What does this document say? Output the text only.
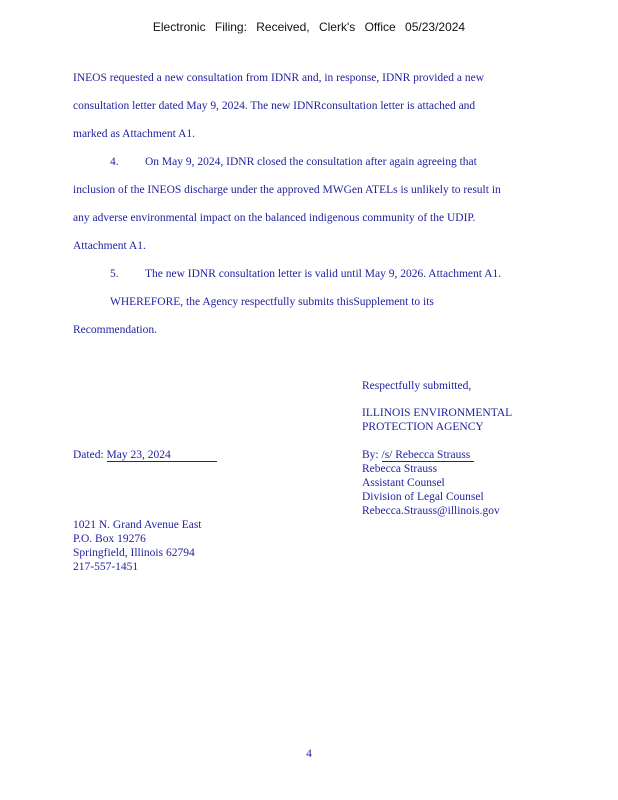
Electronic Filing: Received, Clerk's Office 05/23/2024
INEOS requested a new consultation from IDNR and, in response, IDNR provided a new
consultation letter dated May 9, 2024. The new IDNRconsultation letter is attached and
marked as Attachment A1.
4. On May 9, 2024, IDNR closed the consultation after again agreeing that
inclusion of the INEOS discharge under the approved MWGen ATELs is unlikely to result in
any adverse environmental impact on the balanced indigenous community of the UDIP.
Attachment A1.
5. The new IDNR consultation letter is valid until May 9, 2026. Attachment A1.
WHEREFORE, the Agency respectfully submits thisSupplement to its
Recommendation.
Respectfully submitted,
ILLINOIS ENVIRONMENTAL
PROTECTION AGENCY
Dated: May 23, 2024	By: /s/ Rebecca Strauss
Rebecca Strauss
Assistant Counsel
Division of Legal Counsel
Rebecca.Strauss@illinois.gov
1021 N. Grand Avenue East
P.O. Box 19276
Springfield, Illinois 62794
217-557-1451
4
